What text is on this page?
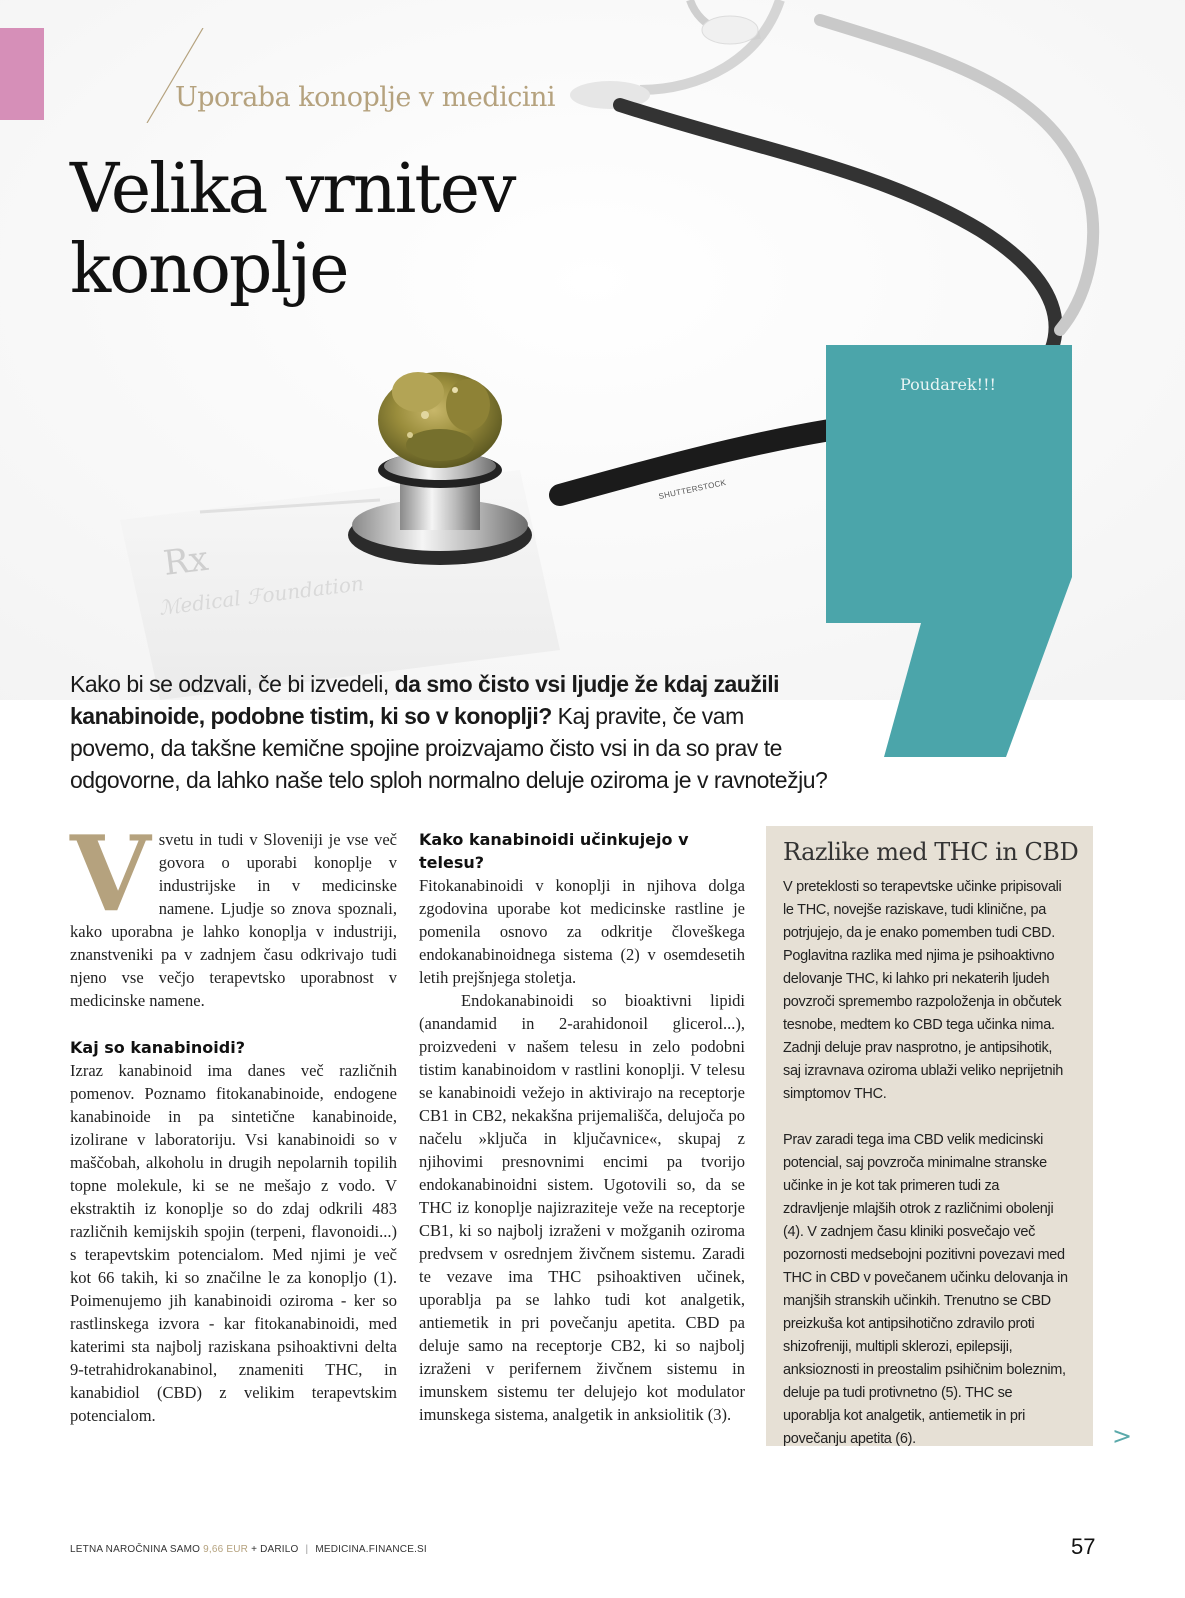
Rx
ℳedical ℱoundation
Uporaba konoplje v medicini
Velika vrnitev
konoplje
SHUTTERSTOCK
Poudarek!!!

Kako bi se odzvali, če bi izvedeli, da smo čisto vsi ljudje že kdaj zaužili kanabinoide, podobne tistim, ki so v konoplji? Kaj pravite, če vam povemo, da takšne kemične spojine proizvajamo čisto vsi in da so prav te odgovorne, da lahko naše telo sploh normalno deluje oziroma je v ravnotežju?

V svetu in tudi v Sloveniji je vse več govora o uporabi konoplje v industrijske in v medicinske namene. Ljudje so znova spoznali, kako uporabna je lahko konoplja v industriji, znanstveniki pa v zadnjem času odkrivajo tudi njeno vse večjo terapevtsko uporabnost v medicinske namene.

Kaj so kanabinoidi?

Izraz kanabinoid ima danes več različnih pomenov. Poznamo fitokanabinoide, endogene kanabinoide in pa sintetične kanabinoide, izolirane v laboratoriju. Vsi kanabinoidi so v maščobah, alkoholu in drugih nepolarnih topilih topne molekule, ki se ne mešajo z vodo. V ekstraktih iz konoplje so do zdaj odkrili 483 različnih kemijskih spojin (terpeni, flavonoidi...) s terapevtskim potencialom. Med njimi je več kot 66 takih, ki so značilne le za konopljo (1). Poimenujemo jih kanabinoidi oziroma - ker so rastlinskega izvora - kar fitokanabinoidi, med katerimi sta najbolj raziskana psihoaktivni delta 9-tetrahidrokanabinol, znameniti THC, in kanabidiol (CBD) z velikim terapevtskim potencialom.

Kako kanabinoidi učinkujejo v telesu?

Fitokanabinoidi v konoplji in njihova dolga zgodovina uporabe kot medicinske rastline je pomenila osnovo za odkritje človeškega endokanabinoidnega sistema (2) v osemdesetih letih prejšnjega stoletja.

Endokanabinoidi so bioaktivni lipidi (anandamid in 2-arahidonoil glicerol...), proizvedeni v našem telesu in zelo podobni tistim kanabinoidom v rastlini konoplji. V telesu se kanabinoidi vežejo in aktivirajo na receptorje CB1 in CB2, nekakšna prijemališča, delujoča po načelu »ključa in ključavnice«, skupaj z njihovimi presnovnimi encimi pa tvorijo endokanabinoidni sistem. Ugotovili so, da se THC iz konoplje najizraziteje veže na receptorje CB1, ki so najbolj izraženi v možganih oziroma predvsem v osrednjem živčnem sistemu. Zaradi te vezave ima THC psihoaktiven učinek, uporablja pa se lahko tudi kot analgetik, antiemetik in pri povečanju apetita. CBD pa deluje samo na receptorje CB2, ki so najbolj izraženi v perifernem živčnem sistemu in imunskem sistemu ter delujejo kot modulator imunskega sistema, analgetik in anksiolitik (3).

Razlike med THC in CBD

V preteklosti so terapevtske učinke pripisovali le THC, novejše raziskave, tudi klinične, pa potrjujejo, da je enako pomemben tudi CBD. Poglavitna razlika med njima je psihoaktivno delovanje THC, ki lahko pri nekaterih ljudeh povzroči spremembo razpoloženja in občutek tesnobe, medtem ko CBD tega učinka nima. Zadnji deluje prav nasprotno, je antipsihotik, saj izravnava oziroma ublaži veliko neprijetnih simptomov THC.

Prav zaradi tega ima CBD velik medicinski potencial, saj povzroča minimalne stranske učinke in je kot tak primeren tudi za zdravljenje mlajših otrok z različnimi obolenji (4). V zadnjem času kliniki posvečajo več pozornosti medsebojni pozitivni povezavi med THC in CBD v povečanem učinku delovanja in manjših stranskih učinkih. Trenutno se CBD preizkuša kot antipsihotično zdravilo proti shizofreniji, multipli sklerozi, epilepsiji, anksioznosti in preostalim psihičnim boleznim, deluje pa tudi protivnetno (5). THC se uporablja kot analgetik, antiemetik in pri povečanju apetita (6).	>
LETNA NAROČNINA SAMO 9,66 EUR + DARILO | MEDICINA.FINANCE.SI	57
